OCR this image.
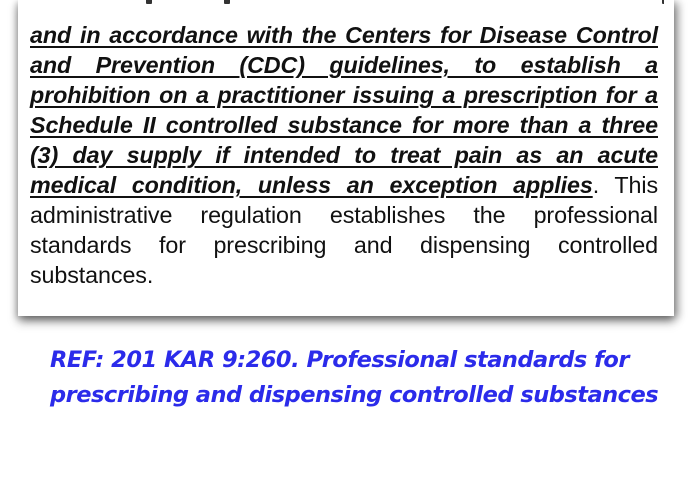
and in accordance with the Centers for Disease Control and Prevention (CDC) guidelines, to establish a prohibition on a practitioner issuing a prescription for a Schedule II controlled substance for more than a three (3) day supply if intended to treat pain as an acute medical condition, unless an exception applies. This administrative regulation establishes the professional standards for prescribing and dispensing controlled substances.

REF: 201 KAR 9:260. Professional standards for prescribing and dispensing controlled substances
